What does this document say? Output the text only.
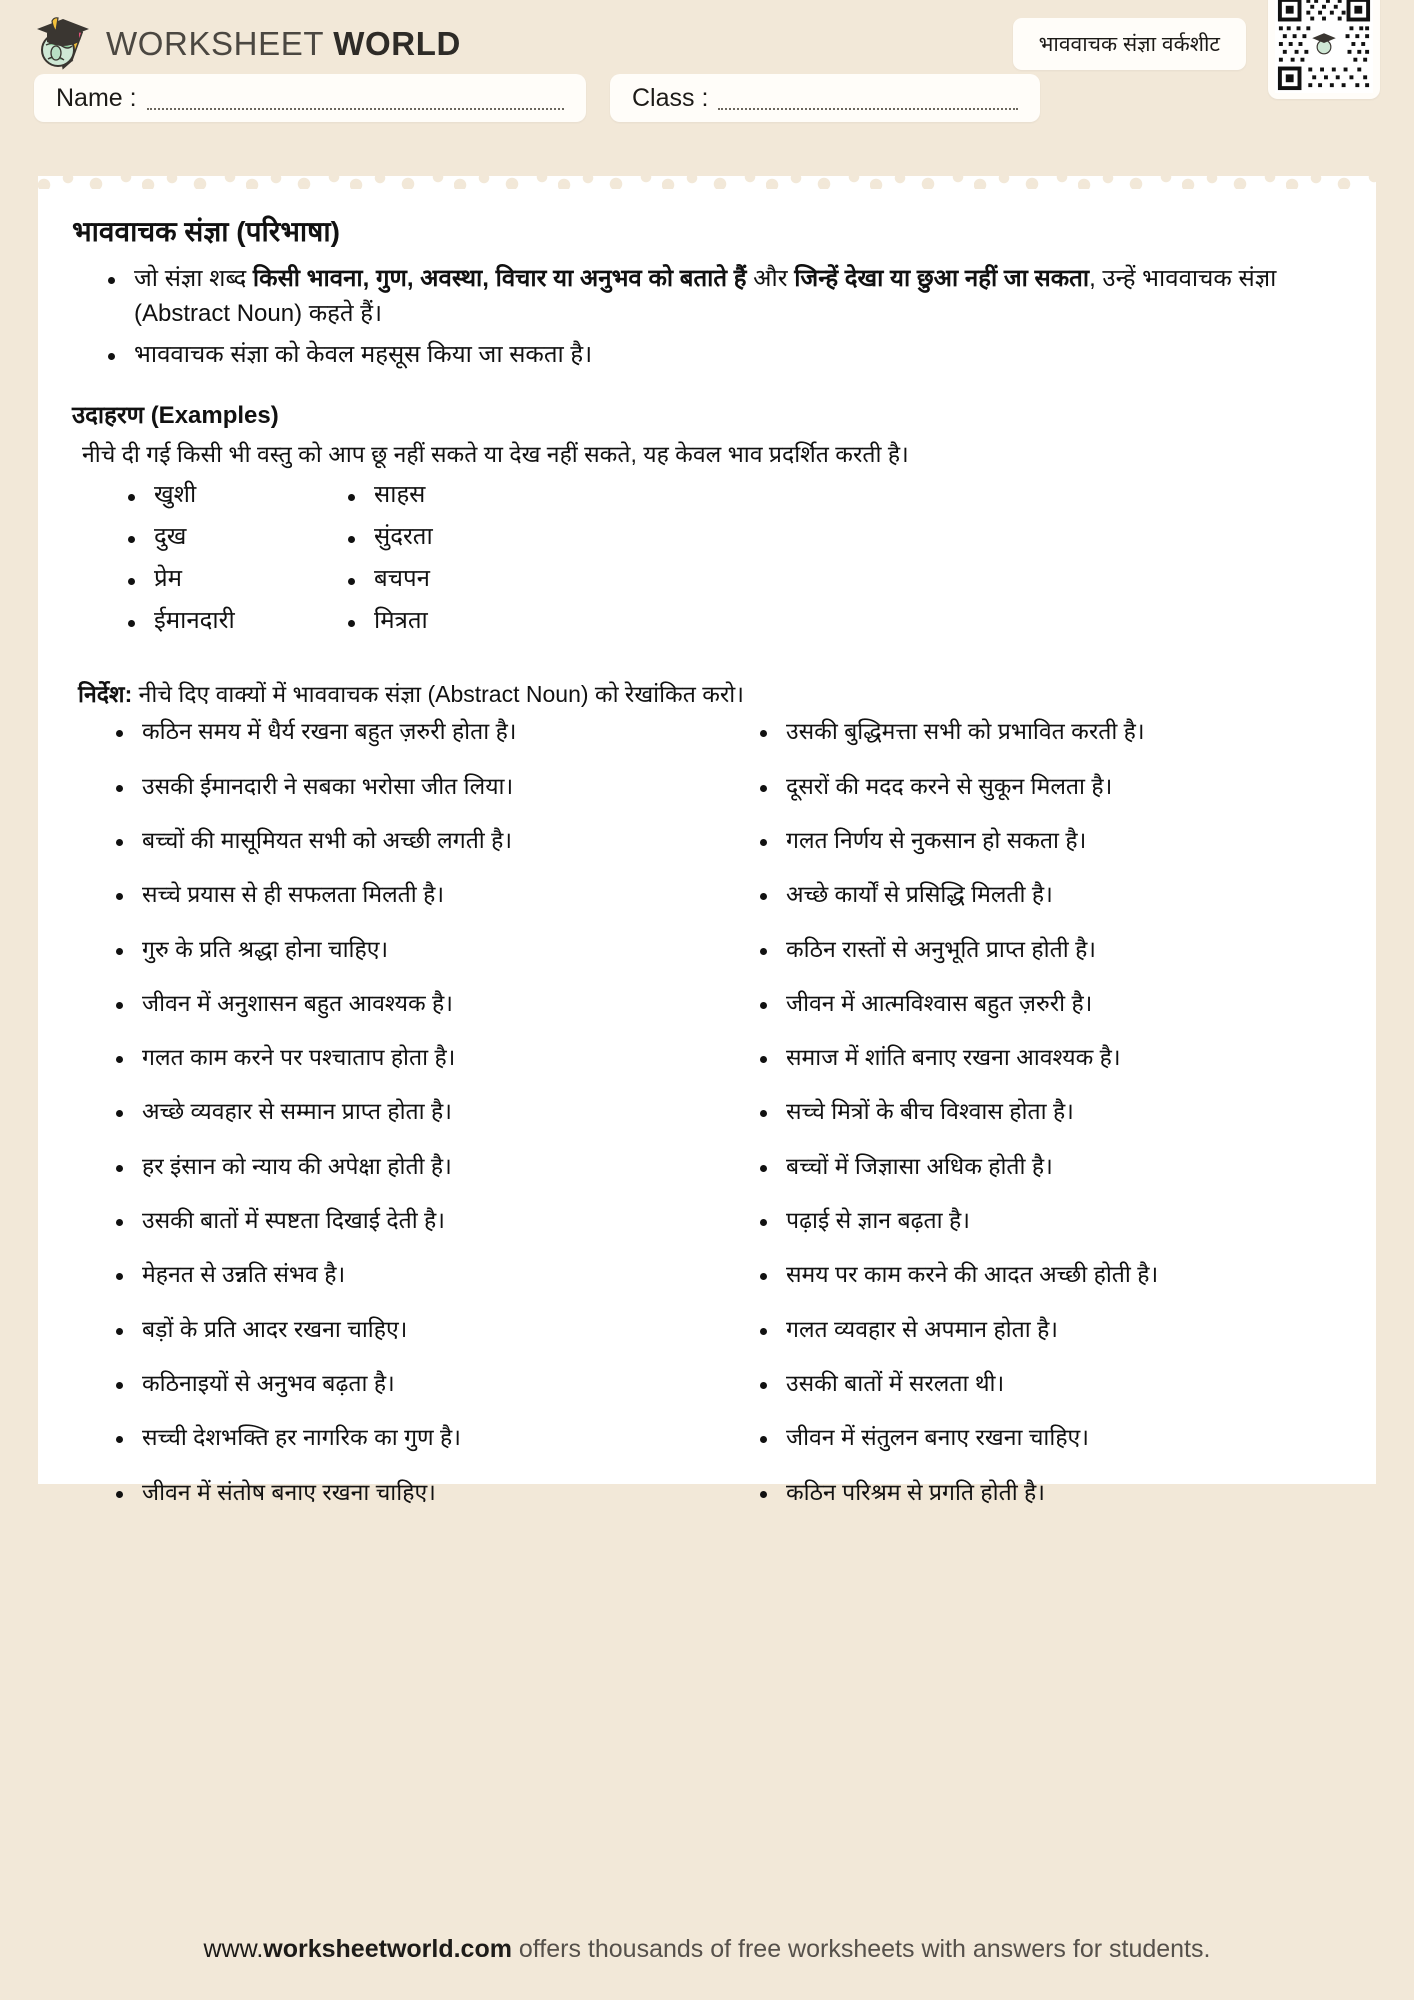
WORKSHEET WORLD	भाववाचक संज्ञा वर्कशीट
Name :	Class :
भाववाचक संज्ञा (परिभाषा)
जो संज्ञा शब्द किसी भावना, गुण, अवस्था, विचार या अनुभव को बताते हैं और जिन्हें देखा या छुआ नहीं जा सकता, उन्हें भाववाचक संज्ञा (Abstract Noun) कहते हैं।
भाववाचक संज्ञा को केवल महसूस किया जा सकता है।
उदाहरण (Examples)

नीचे दी गई किसी भी वस्तु को आप छू नहीं सकते या देख नहीं सकते, यह केवल भाव प्रदर्शित करती है।

खुशी
दुख
प्रेम
ईमानदारी
साहस
सुंदरता
बचपन
मित्रता

निर्देश: नीचे दिए वाक्यों में भाववाचक संज्ञा (Abstract Noun) को रेखांकित करो।

कठिन समय में धैर्य रखना बहुत ज़रुरी होता है।
उसकी ईमानदारी ने सबका भरोसा जीत लिया।
बच्चों की मासूमियत सभी को अच्छी लगती है।
सच्चे प्रयास से ही सफलता मिलती है।
गुरु के प्रति श्रद्धा होना चाहिए।
जीवन में अनुशासन बहुत आवश्यक है।
गलत काम करने पर पश्चाताप होता है।
अच्छे व्यवहार से सम्मान प्राप्त होता है।
हर इंसान को न्याय की अपेक्षा होती है।
उसकी बातों में स्पष्टता दिखाई देती है।
मेहनत से उन्नति संभव है।
बड़ों के प्रति आदर रखना चाहिए।
कठिनाइयों से अनुभव बढ़ता है।
सच्ची देशभक्ति हर नागरिक का गुण है।
जीवन में संतोष बनाए रखना चाहिए।
उसकी बुद्धिमत्ता सभी को प्रभावित करती है।
दूसरों की मदद करने से सुकून मिलता है।
गलत निर्णय से नुकसान हो सकता है।
अच्छे कार्यों से प्रसिद्धि मिलती है।
कठिन रास्तों से अनुभूति प्राप्त होती है।
जीवन में आत्मविश्वास बहुत ज़रुरी है।
समाज में शांति बनाए रखना आवश्यक है।
सच्चे मित्रों के बीच विश्वास होता है।
बच्चों में जिज्ञासा अधिक होती है।
पढ़ाई से ज्ञान बढ़ता है।
समय पर काम करने की आदत अच्छी होती है।
गलत व्यवहार से अपमान होता है।
उसकी बातों में सरलता थी।
जीवन में संतुलन बनाए रखना चाहिए।
कठिन परिश्रम से प्रगति होती है।
www.worksheetworld.com offers thousands of free worksheets with answers for students.
